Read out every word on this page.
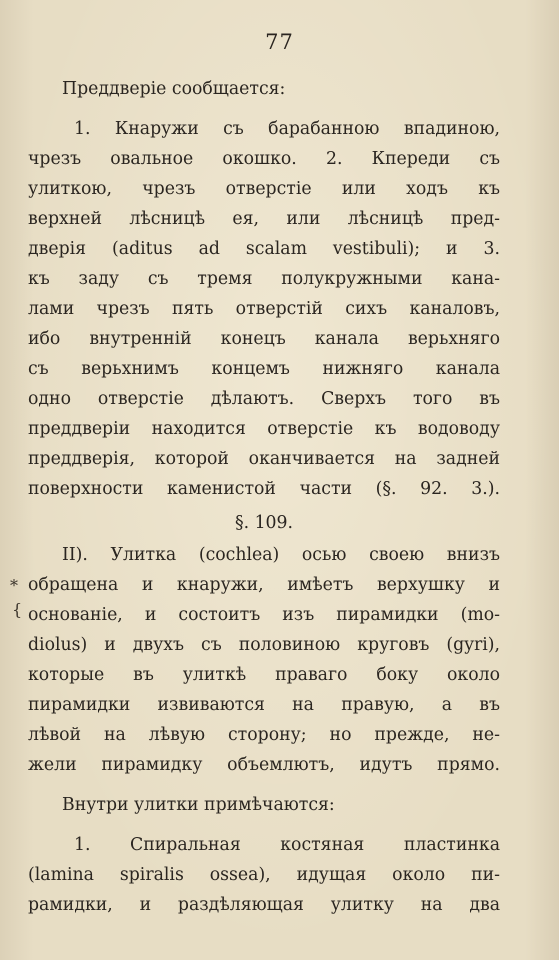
77
Преддверіе сообщается:
1. Кнаружи съ барабанною впадиною,
чрезъ овальное окошко. 2. Кпереди съ
улиткою, чрезъ отверстіе или ходъ къ
верхней лѣсницѣ ея, или лѣсницѣ пред-
дверія (aditus ad scalam vestibuli); и 3.
къ заду съ тремя полукружными кана-
лами чрезъ пять отверстій сихъ каналовъ,
ибо внутренній конецъ канала верьхняго
съ верьхнимъ концемъ нижняго канала
одно отверстіе дѣлаютъ. Сверхъ того въ
преддверіи находится отверстіе къ водоводу
преддверія, которой оканчивается на задней
поверхности каменистой части (§. 92. 3.).
§. 109.
II). Улитка (cochlea) осью своею внизъ
обращена и кнаружи, имѣетъ верхушку и
основаніе, и состоитъ изъ пирамидки (mo-
diolus) и двухъ съ половиною круговъ (gyri),
которые въ улиткѣ праваго боку около
пирамидки извиваются на правую, а въ
лѣвой на лѣвую сторону; но прежде, не-
жели пирамидку объемлютъ, идутъ прямо.
Внутри улитки примѣчаются:
1. Спиральная костяная пластинка
(lamina spiralis ossea), идущая около пи-
рамидки, и раздѣляющая улитку на два
*
{
